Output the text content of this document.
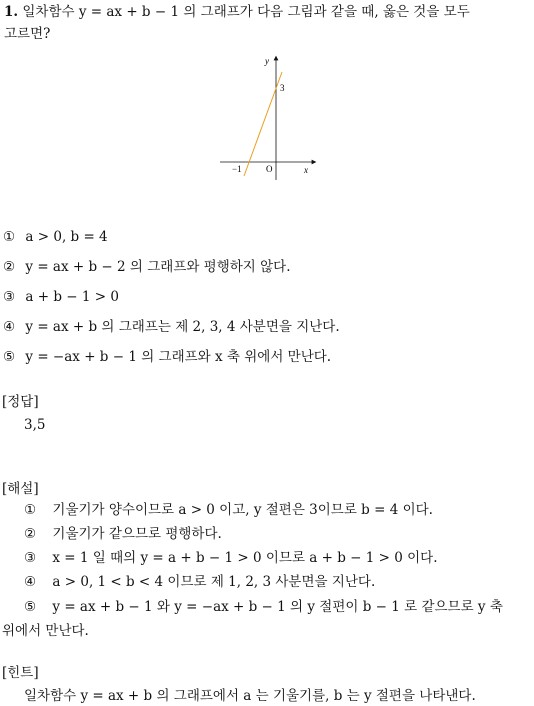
1. 일차함수 y = ax + b − 1 의 그래프가 다음 그림과 같을 때, 옳은 것을 모두
고르면?
y
x
O
−1
3
① a > 0, b = 4
② y = ax + b − 2 의 그래프와 평행하지 않다.
③ a + b − 1 > 0
④ y = ax + b 의 그래프는 제 2, 3, 4 사분면을 지난다.
⑤ y = −ax + b − 1 의 그래프와 x 축 위에서 만난다.
[정답]
3,5
[해설]
① 기울기가 양수이므로 a > 0 이고, y 절편은 3이므로 b = 4 이다.
② 기울기가 같으므로 평행하다.
③ x = 1 일 때의 y = a + b − 1 > 0 이므로 a + b − 1 > 0 이다.
④ a > 0, 1 < b < 4 이므로 제 1, 2, 3 사분면을 지난다.
⑤ y = ax + b − 1 와 y = −ax + b − 1 의 y 절편이 b − 1 로 같으므로 y 축
위에서 만난다.
[힌트]
일차함수 y = ax + b 의 그래프에서 a 는 기울기를, b 는 y 절편을 나타낸다.
